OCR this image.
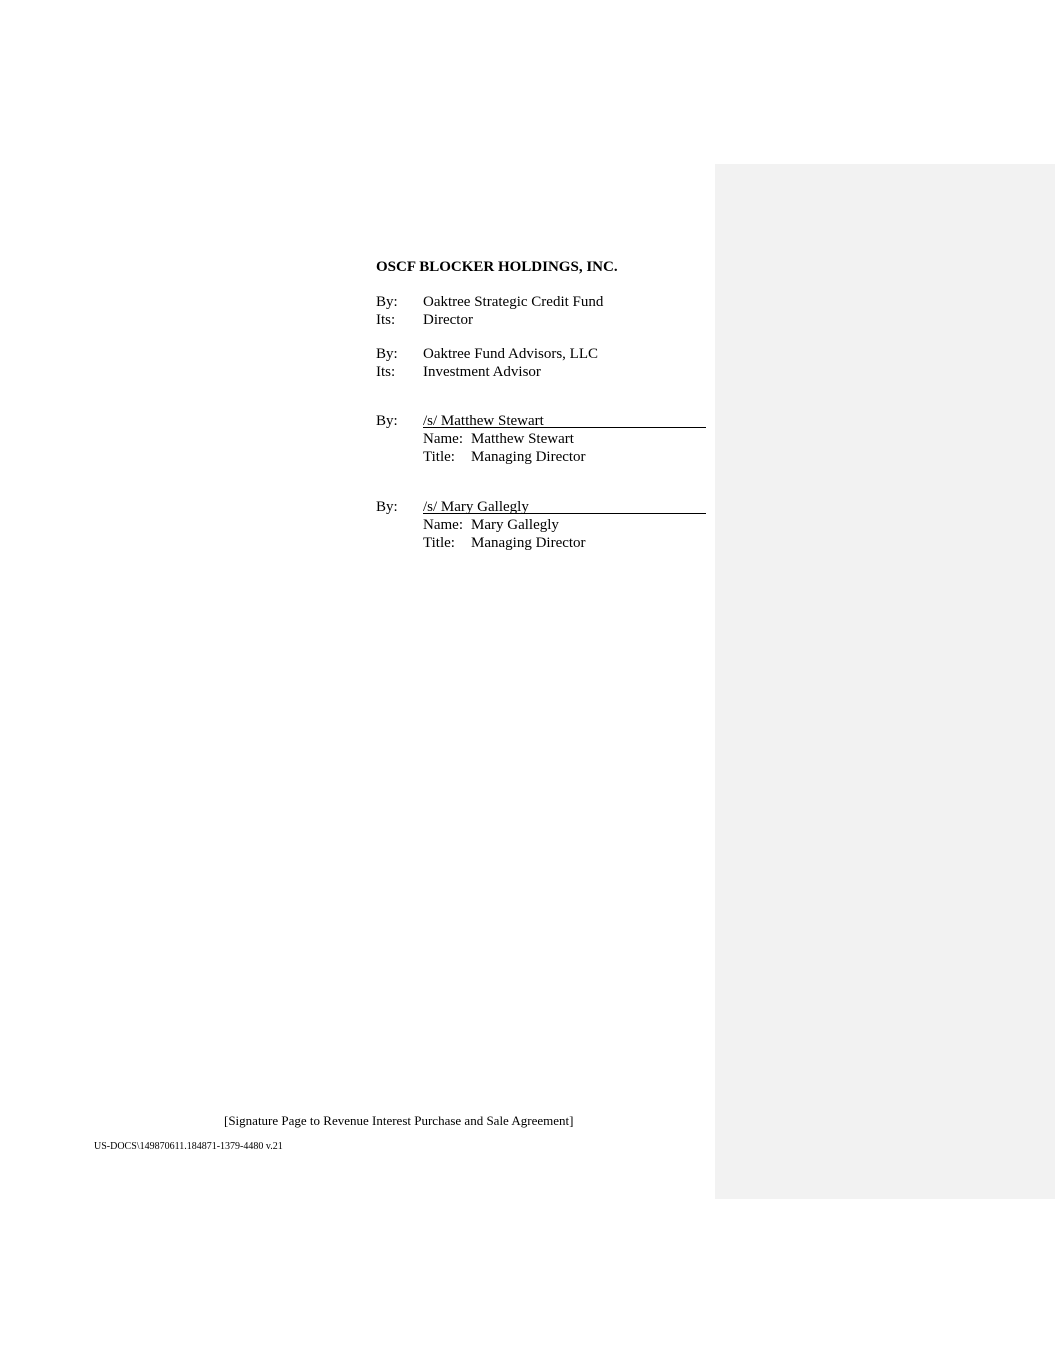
OSCF BLOCKER HOLDINGS, INC.
By: Oaktree Strategic Credit Fund
Its: Director
By: Oaktree Fund Advisors, LLC
Its: Investment Advisor
By: /s/ Matthew Stewart
Name: Matthew Stewart
Title: Managing Director
By: /s/ Mary Gallegly
Name: Mary Gallegly
Title: Managing Director
[Signature Page to Revenue Interest Purchase and Sale Agreement]
US-DOCS\149870611.184871-1379-4480 v.21
